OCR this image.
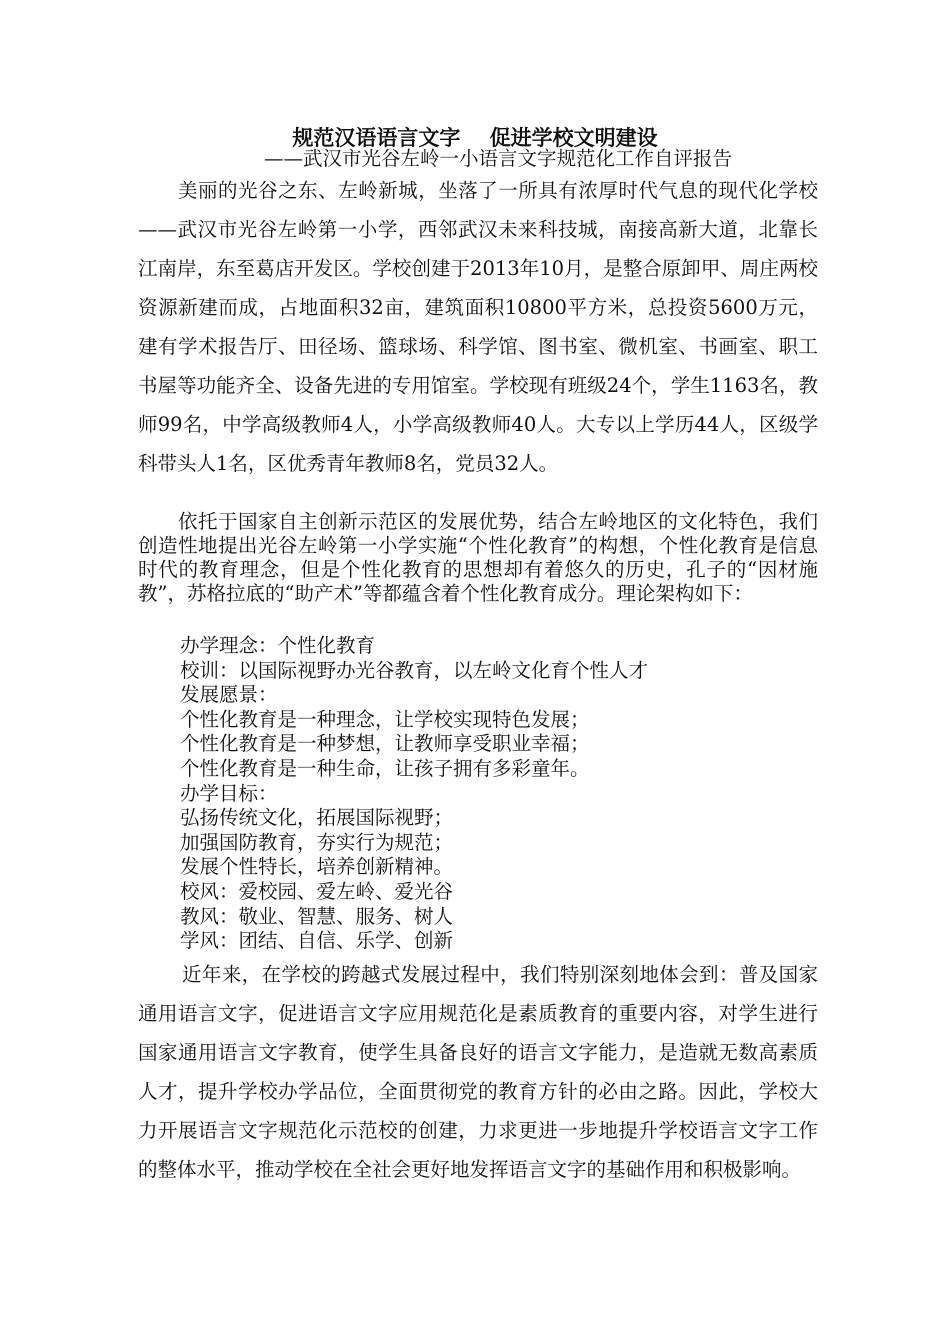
规范汉语语言文字    促进学校文明建设
——武汉市光谷左岭一小语言文字规范化工作自评报告
美丽的光谷之东、左岭新城，坐落了一所具有浓厚时代气息的现代化学校——武汉市光谷左岭第一小学，西邻武汉未来科技城，南接高新大道，北靠长江南岸，东至葛店开发区。学校创建于2013年10月，是整合原卸甲、周庄两校资源新建而成，占地面积32亩，建筑面积10800平方米，总投资5600万元，建有学术报告厅、田径场、篮球场、科学馆、图书室、微机室、书画室、职工书屋等功能齐全、设备先进的专用馆室。学校现有班级24个，学生1163名，教师99名，中学高级教师4人，小学高级教师40人。大专以上学历44人，区级学科带头人1名，区优秀青年教师8名，党员32人。
依托于国家自主创新示范区的发展优势，结合左岭地区的文化特色，我们创造性地提出光谷左岭第一小学实施“个性化教育”的构想，个性化教育是信息时代的教育理念，但是个性化教育的思想却有着悠久的历史，孔子的“因材施教”，苏格拉底的“助产术”等都蕴含着个性化教育成分。理论架构如下：
办学理念：个性化教育
校训：以国际视野办光谷教育，以左岭文化育个性人才
发展愿景：
个性化教育是一种理念，让学校实现特色发展；
个性化教育是一种梦想，让教师享受职业幸福；
个性化教育是一种生命，让孩子拥有多彩童年。
办学目标：
弘扬传统文化，拓展国际视野；
加强国防教育，夯实行为规范；
发展个性特长，培养创新精神。
校风：爱校园、爱左岭、爱光谷
教风：敬业、智慧、服务、树人
学风：团结、自信、乐学、创新
近年来，在学校的跨越式发展过程中，我们特别深刻地体会到：普及国家通用语言文字，促进语言文字应用规范化是素质教育的重要内容，对学生进行国家通用语言文字教育，使学生具备良好的语言文字能力，是造就无数高素质人才，提升学校办学品位，全面贯彻党的教育方针的必由之路。因此，学校大力开展语言文字规范化示范校的创建，力求更进一步地提升学校语言文字工作的整体水平，推动学校在全社会更好地发挥语言文字的基础作用和积极影响。
